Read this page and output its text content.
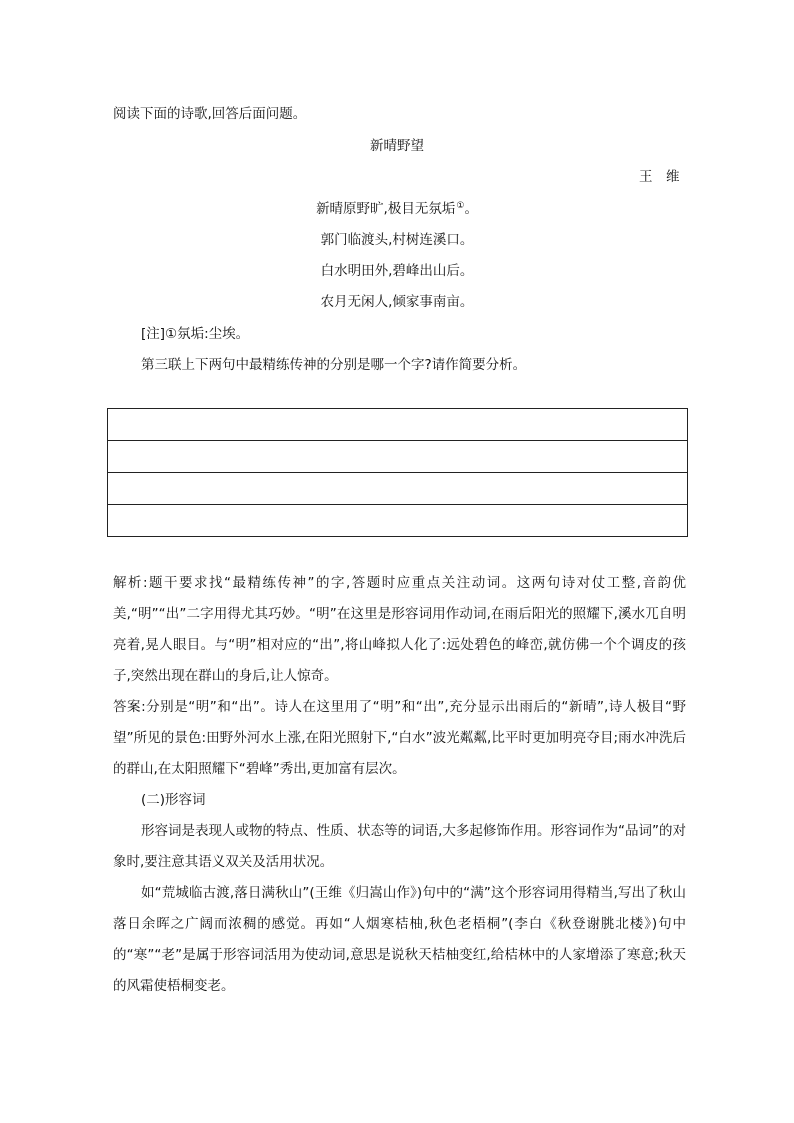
阅读下面的诗歌,回答后面问题。
新晴野望
王　维
新晴原野旷,极目无氛垢①。
郭门临渡头,村树连溪口。
白水明田外,碧峰出山后。
农月无闲人,倾家事南亩。
[注]①氛垢:尘埃。
第三联上下两句中最精练传神的分别是哪一个字?请作简要分析。

解析:题干要求找“最精练传神”的字,答题时应重点关注动词。这两句诗对仗工整,音韵优美,“明”“出”二字用得尤其巧妙。“明”在这里是形容词用作动词,在雨后阳光的照耀下,溪水兀自明亮着,晃人眼目。与“明”相对应的“出”,将山峰拟人化了:远处碧色的峰峦,就仿佛一个个调皮的孩子,突然出现在群山的身后,让人惊奇。

答案:分别是“明”和“出”。诗人在这里用了“明”和“出”,充分显示出雨后的“新晴”,诗人极目“野望”所见的景色:田野外河水上涨,在阳光照射下,“白水”波光粼粼,比平时更加明亮夺目;雨水冲洗后的群山,在太阳照耀下“碧峰”秀出,更加富有层次。

(二)形容词

形容词是表现人或物的特点、性质、状态等的词语,大多起修饰作用。形容词作为“品词”的对象时,要注意其语义双关及活用状况。

如“荒城临古渡,落日满秋山”(王维《归嵩山作》)句中的“满”这个形容词用得精当,写出了秋山落日余晖之广阔而浓稠的感觉。再如“人烟寒桔柚,秋色老梧桐”(李白《秋登谢朓北楼》)句中的“寒”“老”是属于形容词活用为使动词,意思是说秋天桔柚变红,给桔林中的人家增添了寒意;秋天的风霜使梧桐变老。
